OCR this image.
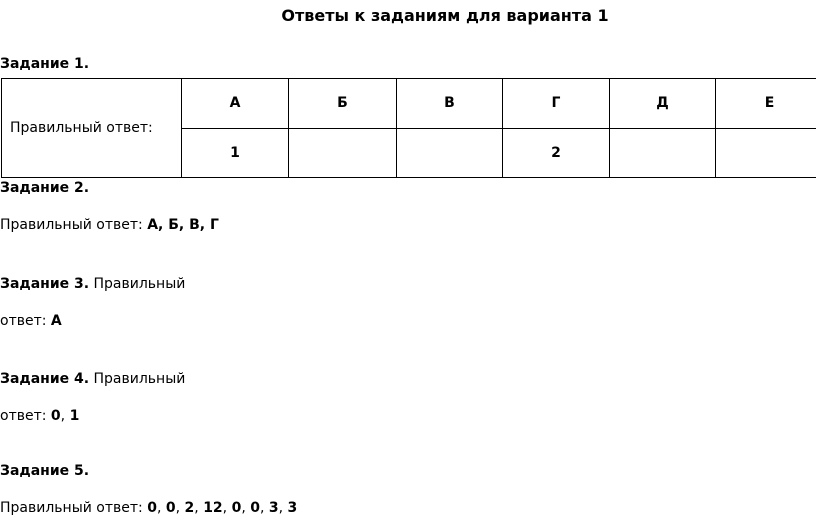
Ответы к заданиям для варианта 1
Задание 1.
Правильный ответ:	А	Б	В	Г	Д	Е
	1			2		
Задание 2.
Правильный ответ: А, Б, В, Г
Задание 3. Правильный
ответ: А
Задание 4. Правильный
ответ: 0, 1
Задание 5.
Правильный ответ: 0, 0, 2, 12, 0, 0, 3, 3
